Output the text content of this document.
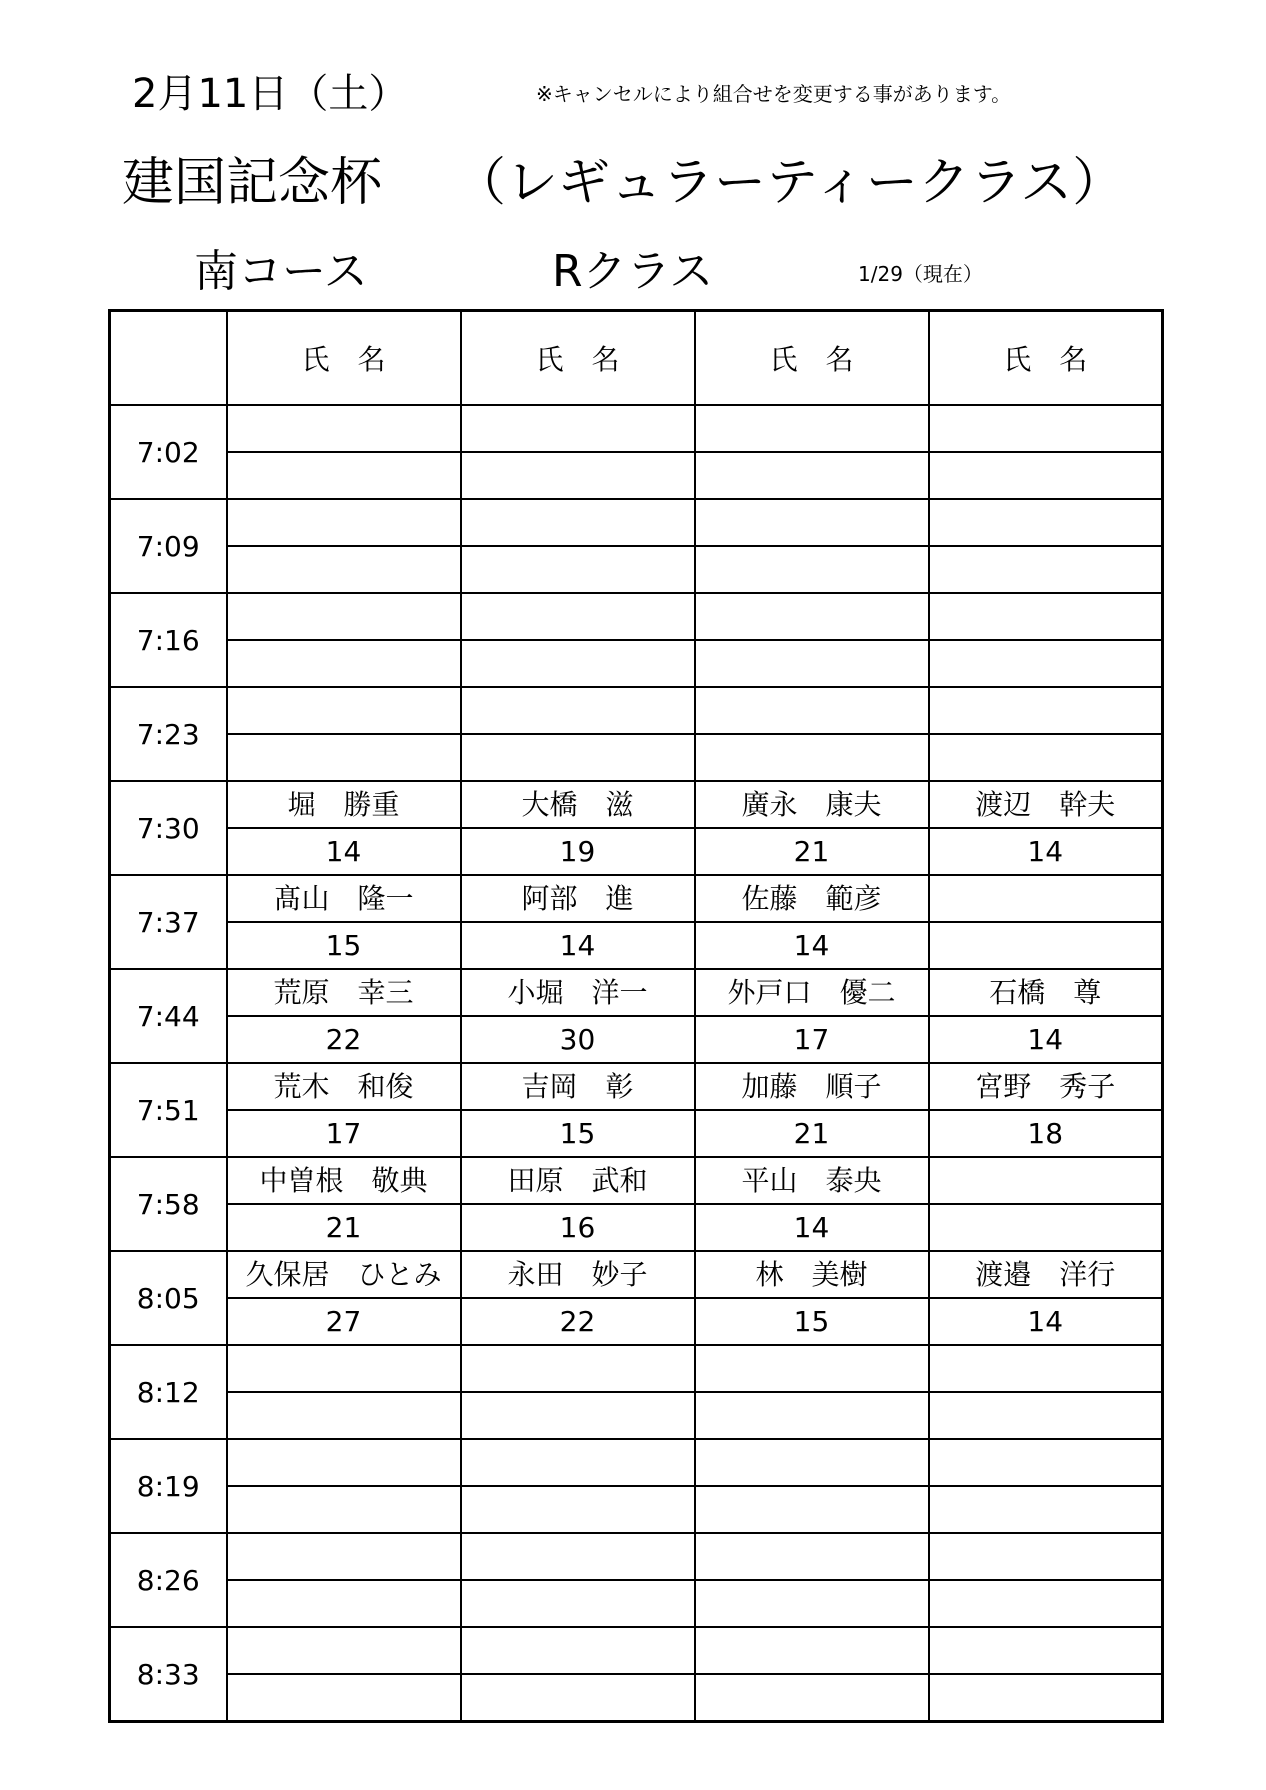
2月11日（土）	※キャンセルにより組合せを変更する事があります。
建国記念杯 （レギュラーティークラス）
南コース	Rクラス	1/29（現在）
	氏　名	氏　名	氏　名	氏　名
7:02				

7:09				

7:16				

7:23				

7:30	堀　勝重	大橋　滋	廣永　康夫	渡辺　幹夫
	14	19	21	14
7:37	髙山　隆一	阿部　進	佐藤　範彦	
	15	14	14	
7:44	荒原　幸三	小堀　洋一	外戸口　優二	石橋　尊
	22	30	17	14
7:51	荒木　和俊	吉岡　彰	加藤　順子	宮野　秀子
	17	15	21	18
7:58	中曽根　敬典	田原　武和	平山　泰央	
	21	16	14	
8:05	久保居　ひとみ	永田　妙子	林　美樹	渡邉　洋行
	27	22	15	14
8:12				

8:19				

8:26				

8:33				
